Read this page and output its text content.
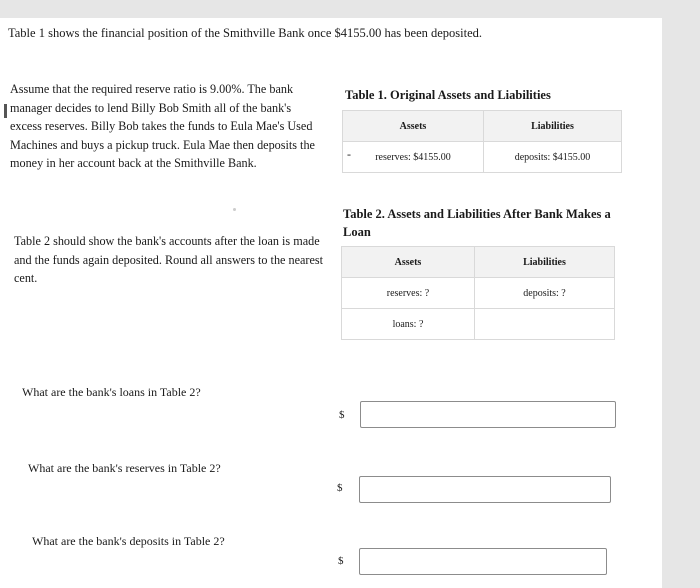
Table 1 shows the financial position of the Smithville Bank once $4155.00 has been deposited.
Assume that the required reserve ratio is 9.00%. The bank manager decides to lend Billy Bob Smith all of the bank's excess reserves. Billy Bob takes the funds to Eula Mae's Used Machines and buys a pickup truck. Eula Mae then deposits the money in her account back at the Smithville Bank.
Table 2 should show the bank's accounts after the loan is made and the funds again deposited. Round all answers to the nearest cent.
Table 1. Original Assets and Liabilities
-
Assets	Liabilities
reserves: $4155.00	deposits: $4155.00
Table 2. Assets and Liabilities After Bank Makes a Loan
Assets	Liabilities
reserves: ?	deposits: ?
loans: ?	
What are the bank's loans in Table 2?
$
What are the bank's reserves in Table 2?
$
What are the bank's deposits in Table 2?
$
